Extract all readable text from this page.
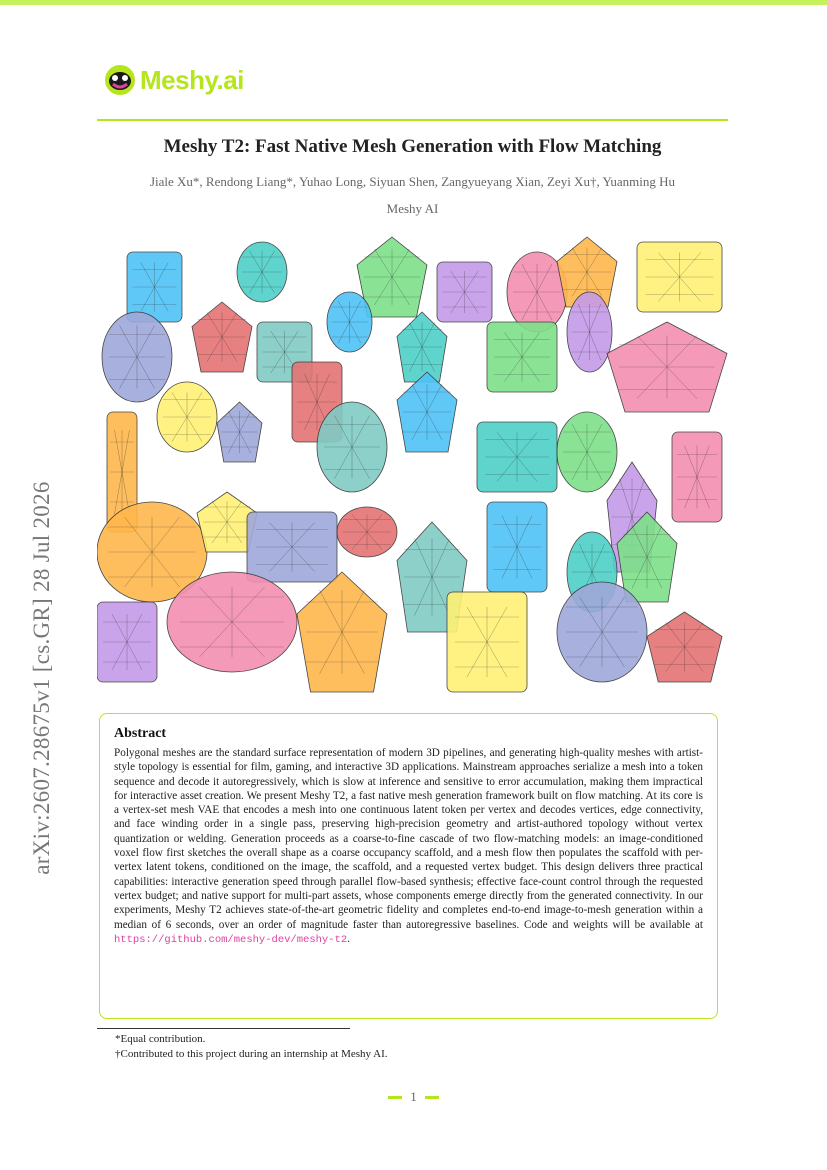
Meshy.ai
Meshy T2: Fast Native Mesh Generation with Flow Matching
Jiale Xu*, Rendong Liang*, Yuhao Long, Siyuan Shen, Zangyueyang Xian, Zeyi Xu†, Yuanming Hu
Meshy AI
arXiv:2607.28675v1 [cs.GR] 28 Jul 2026	Abstract
Polygonal meshes are the standard surface representation of modern 3D pipelines, and generating high-quality meshes with artist-style topology is essential for film, gaming, and interactive 3D applications. Mainstream approaches serialize a mesh into a token sequence and decode it autoregressively, which is slow at inference and sensitive to error accumulation, making them impractical for interactive asset creation. We present Meshy T2, a fast native mesh generation framework built on flow matching. At its core is a vertex-set mesh VAE that encodes a mesh into one continuous latent token per vertex and decodes vertices, edge connectivity, and face winding order in a single pass, preserving high-precision geometry and artist-authored topology without vertex quantization or welding. Generation proceeds as a coarse-to-fine cascade of two flow-matching models: an image-conditioned voxel flow first sketches the overall shape as a coarse occupancy scaffold, and a mesh flow then populates the scaffold with per-vertex latent tokens, conditioned on the image, the scaffold, and a requested vertex budget. This design delivers three practical capabilities: interactive generation speed through parallel flow-based synthesis; effective face-count control through the requested vertex budget; and native support for multi-part assets, whose components emerge directly from the generated connectivity. In our experiments, Meshy T2 achieves state-of-the-art geometric fidelity and completes end-to-end image-to-mesh generation within a median of 6 seconds, over an order of magnitude faster than autoregressive baselines. Code and weights will be available at https://github.com/meshy-dev/meshy-t2.
*Equal contribution.
†Contributed to this project during an internship at Meshy AI.
1
